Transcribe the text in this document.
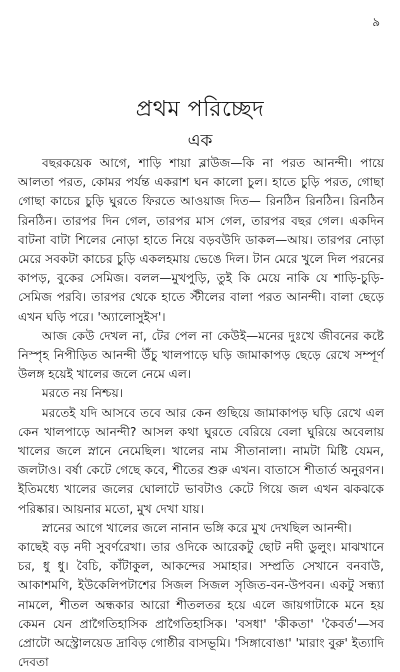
৯
প্রথম পরিচ্ছেদ
এক

বছরকয়েক আগে, শাড়ি শায়া ব্লাউজ—কি না পরত আনন্দী। পায়ে আলতা পরত, কোমর পর্যন্ত একরাশ ঘন কালো চুল। হাতে চুড়ি পরত, গোছা গোছা কাচের চুড়ি ঘুরতে ফিরতে আওয়াজ দিত— রিনঠিন রিনঠিন। রিনঠিন রিনঠিন। তারপর দিন গেল, তারপর মাস গেল, তারপর বছর গেল। একদিন বাটনা বাটা শিলের নোড়া হাতে নিয়ে বড়বউদি ডাকল—আয়। তারপর নোড়া মেরে সবকটা কাচের চুড়ি একলহমায় ভেঙে দিল। টান মেরে খুলে দিল পরনের কাপড়, বুকের সেমিজ। বলল—মুখপুড়ি, তুই কি মেয়ে নাকি যে শাড়ি-চুড়ি-সেমিজ পরবি। তারপর থেকে হাতে স্টীলের বালা পরত আনন্দী। বালা ছেড়ে এখন ঘড়ি পরে। 'অ্যালোসুইস'।

আজ কেউ দেখল না, টের পেল না কেউই—মনের দুঃখে জীবনের কষ্টে নিস্পৃহ নিপীড়িত আনন্দী উঁচু খালপাড়ে ঘড়ি জামাকাপড় ছেড়ে রেখে সম্পূর্ণ উলঙ্গ হয়েই খালের জলে নেমে এল।

মরতে নয় নিশ্চয়।

মরতেই যদি আসবে তবে আর কেন গুছিয়ে জামাকাপড় ঘড়ি রেখে এল কেন খালপাড়ে আনন্দী? আসল কথা ঘুরতে বেরিয়ে বেলা ঘুরিয়ে অবেলায় খালের জলে স্নানে নেমেছিল। খালের নাম সীতানালা। নামটা মিষ্টি যেমন, জলটাও। বর্ষা কেটে গেছে কবে, শীতের শুরু এখন। বাতাসে শীতার্ত অনুরণন। ইতিমধ্যে খালের জলের ঘোলাটে ভাবটাও কেটে গিয়ে জল এখন ঝকঝকে পরিষ্কার। আয়নার মতো, মুখ দেখা যায়।

স্নানের আগে খালের জলে নানান ভঙ্গি করে মুখ দেখছিল আনন্দী।

কাছেই বড় নদী সুবর্ণরেখা। তার ওদিকে আরেকটু ছোট নদী ডুলুং। মাঝখানে চর, ধু ধু। বৈচি, কাঁটাকুল, আকন্দের সমাহার। সম্প্রতি সেখানে বনবাউ, আকাশমণি, ইউকেলিপটাশের সিজল সিজল সৃজিত-বন-উপবন। একটু সন্ধ্যা নামলে, শীতল অন্ধকার আরো শীতলতর হয়ে এলে জায়গাটাকে মনে হয় কেমন যেন প্রাগৈতিহাসিক প্রাগৈতিহাসিক। 'বসধা' 'কীকতা' 'কৈবর্ত'—সব প্রোটো অস্ট্রোলয়েড দ্রাবিড় গোষ্ঠীর বাসভূমি। 'সিঙ্গাবোঙা' 'মারাং বুরু' ইত্যাদি দেবতা
